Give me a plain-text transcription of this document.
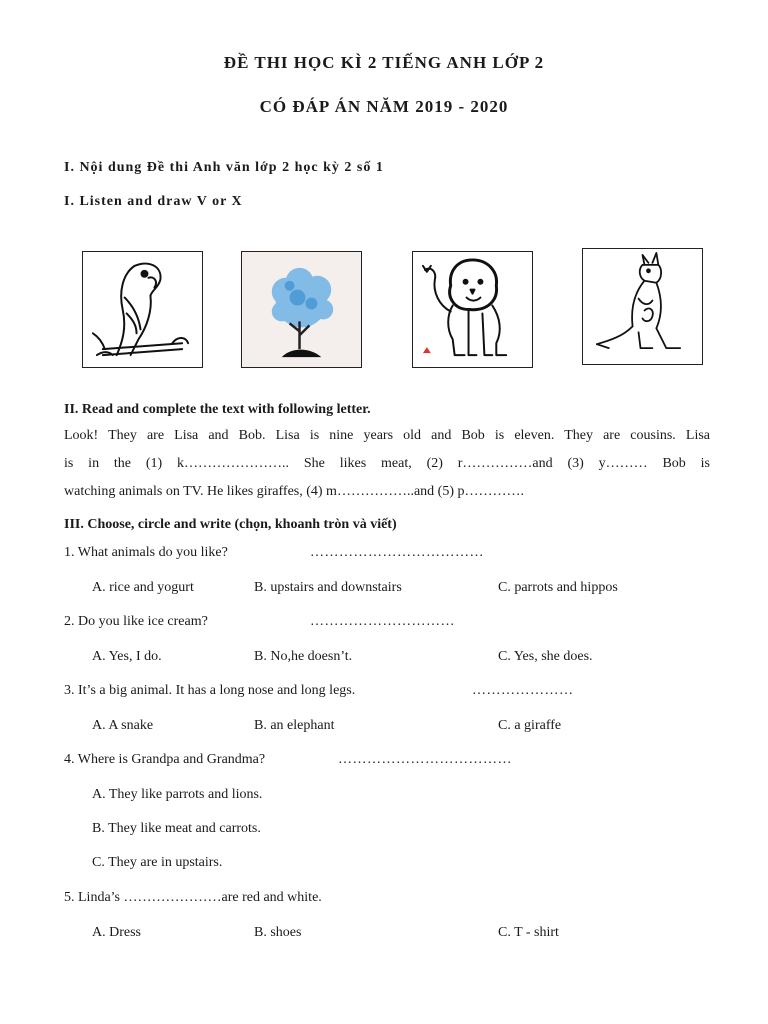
ĐỀ THI HỌC KÌ 2 TIẾNG ANH LỚP 2
CÓ ĐÁP ÁN NĂM 2019 - 2020
I. Nội dung Đề thi Anh văn lớp 2 học kỳ 2 số 1
I. Listen and draw V or X
II. Read and complete the text with following letter.
Look! They are Lisa and Bob. Lisa is nine years old and Bob is eleven. They are cousins. Lisa
is in the (1) k………………….. She likes meat, (2) r……………and (3) y……… Bob is
watching animals on TV. He likes giraffes, (4) m……………..and (5) p………….
III. Choose, circle and write (chọn, khoanh tròn và viết)
1. What animals do you like?	………………………………
A. rice and yogurt	B. upstairs and downstairs	C. parrots and hippos
2. Do you like ice cream?	…………………………
A. Yes, I do.	B. No,he doesn’t.	C. Yes, she does.
3. It’s a big animal. It has a long nose and long legs.	…………………
A. A snake	B. an elephant	C. a giraffe
4. Where is Grandpa and Grandma?	………………………………
A. They like parrots and lions.
B. They like meat and carrots.
C. They are in upstairs.
5. Linda’s …………………are red and white.
A. Dress	B. shoes	C. T - shirt
